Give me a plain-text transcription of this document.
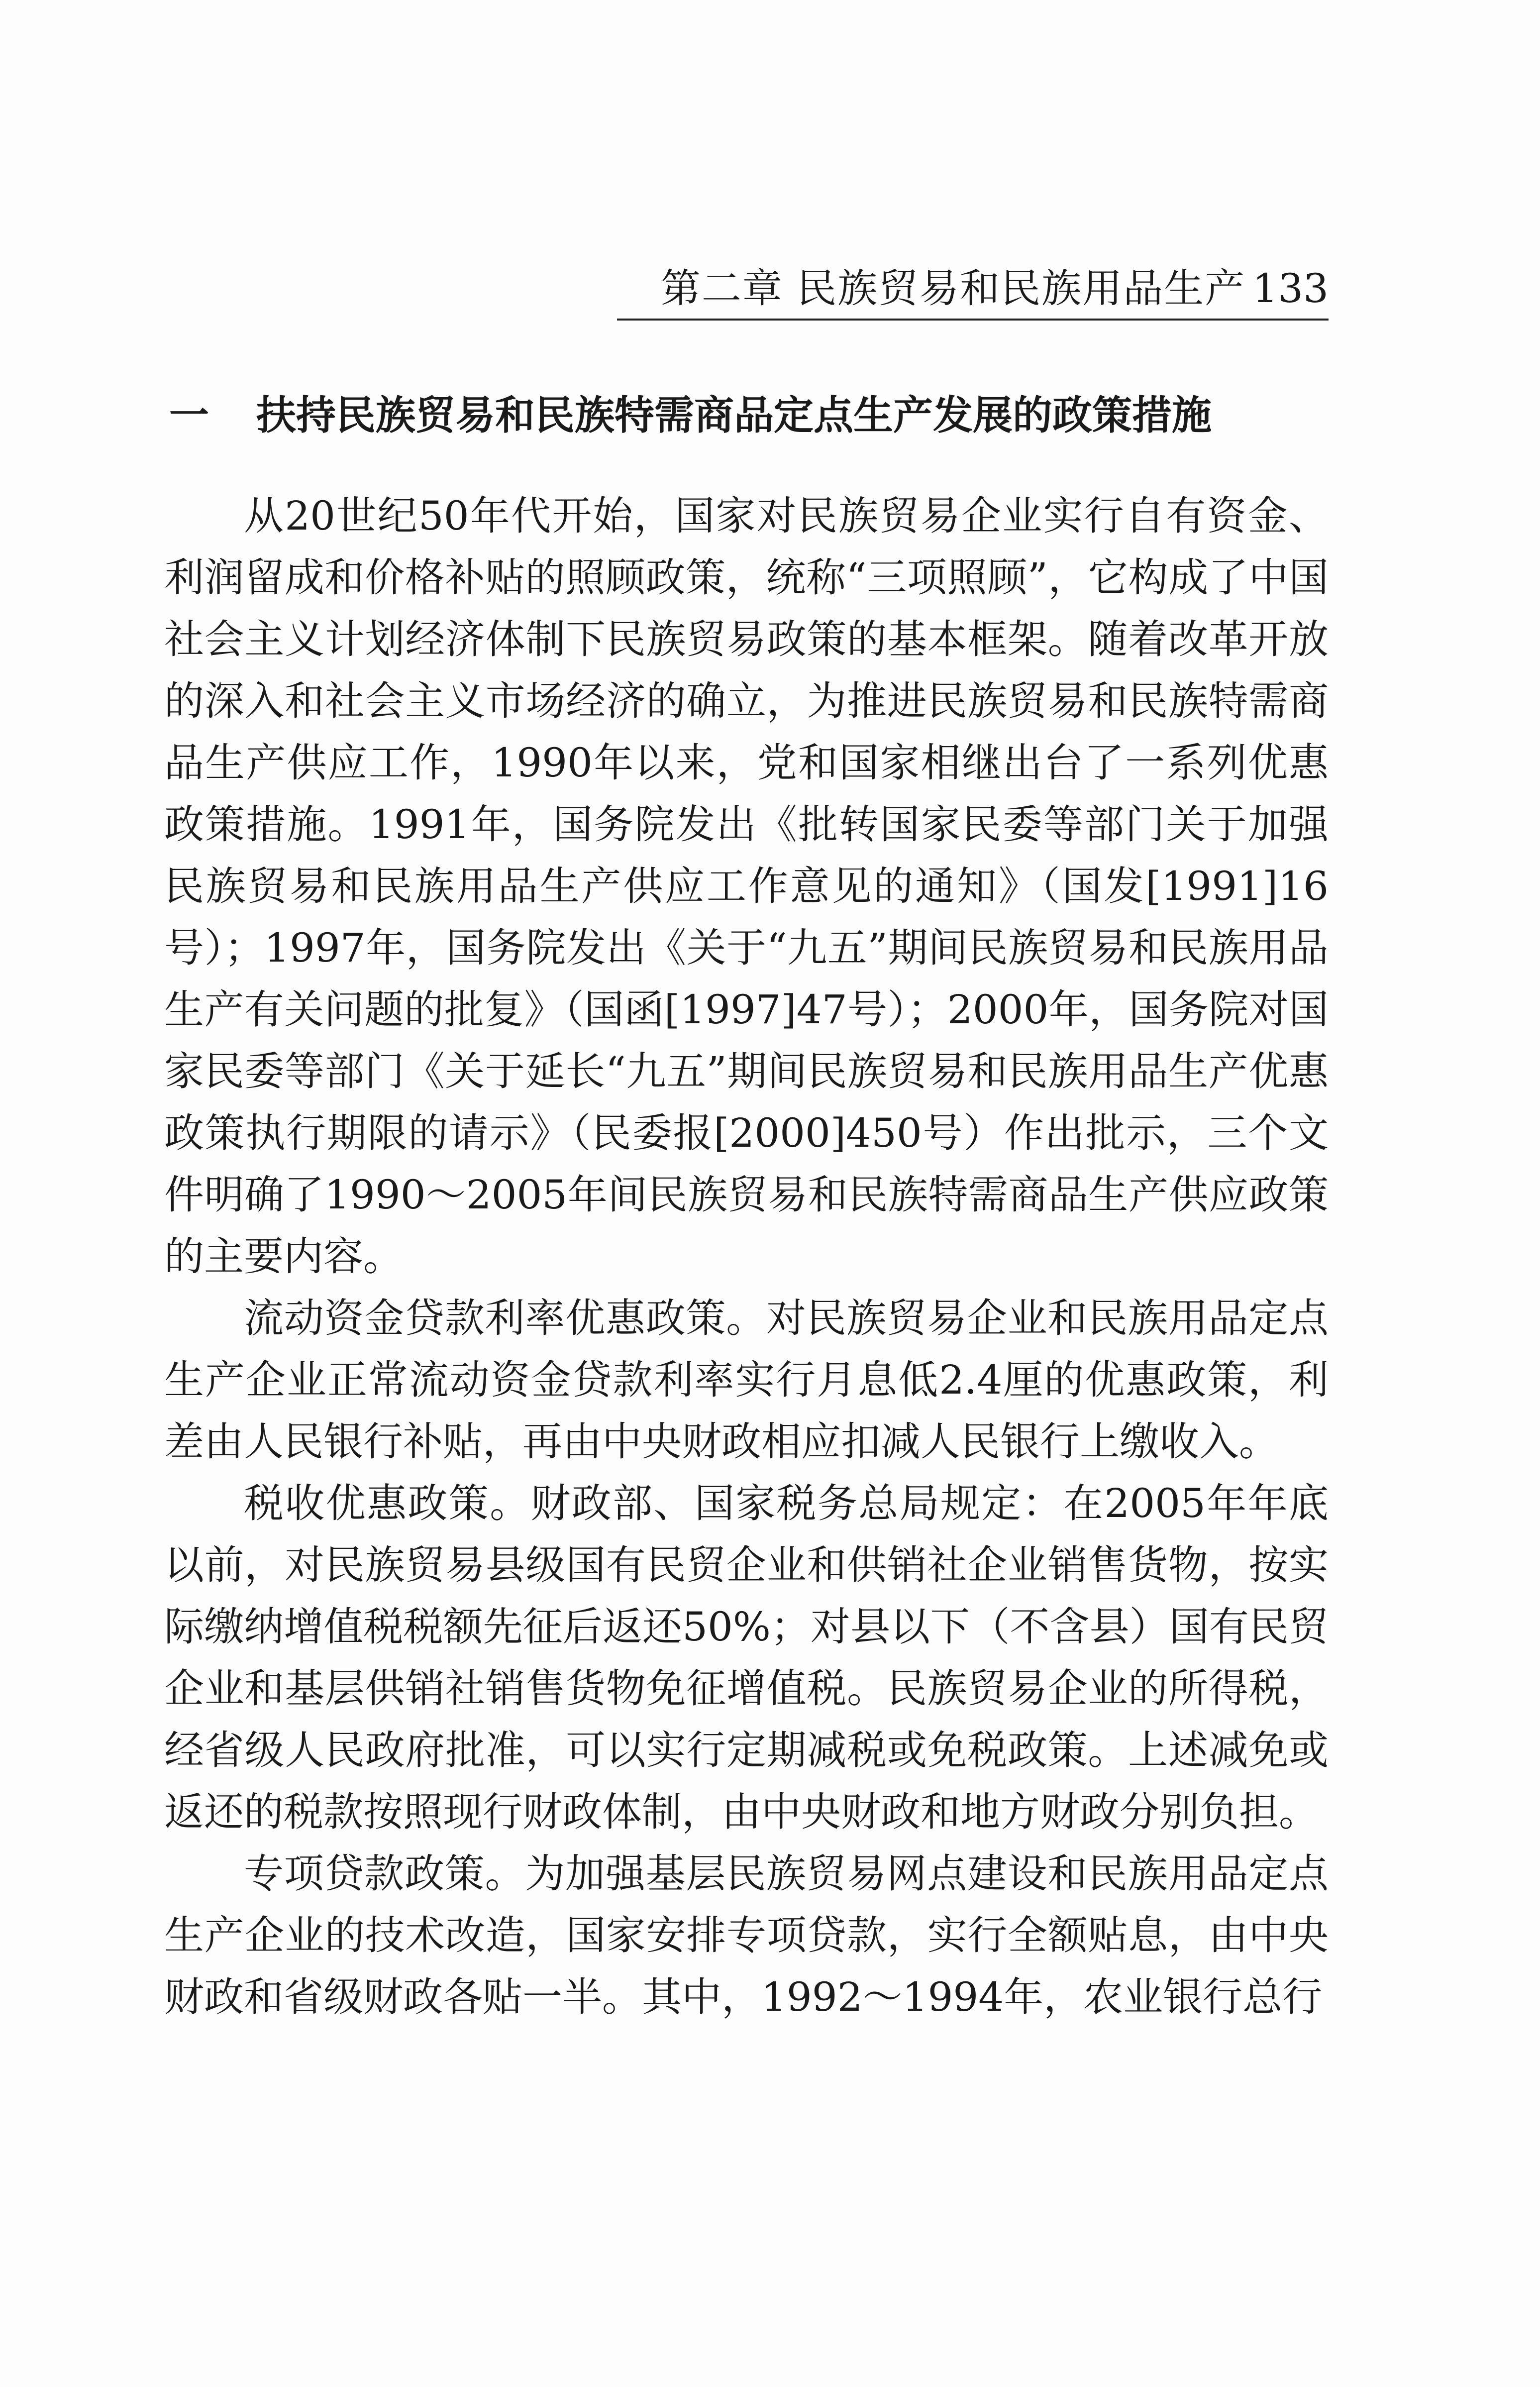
第二章 民族贸易和民族用品生产 133
一 扶持民族贸易和民族特需商品定点生产发展的政策措施

从20世纪50年代开始，国家对民族贸易企业实行自有资金、利润留成和价格补贴的照顾政策，统称“三项照顾”，它构成了中国社会主义计划经济体制下民族贸易政策的基本框架。随着改革开放的深入和社会主义市场经济的确立，为推进民族贸易和民族特需商品生产供应工作，1990年以来，党和国家相继出台了一系列优惠政策措施。1991年，国务院发出《批转国家民委等部门关于加强民族贸易和民族用品生产供应工作意见的通知》（国发[1991]16号）；1997年，国务院发出《关于“九五”期间民族贸易和民族用品生产有关问题的批复》（国函[1997]47号）；2000年，国务院对国家民委等部门《关于延长“九五”期间民族贸易和民族用品生产优惠政策执行期限的请示》（民委报[2000]450号）作出批示，三个文件明确了1990～2005年间民族贸易和民族特需商品生产供应政策的主要内容。

流动资金贷款利率优惠政策。对民族贸易企业和民族用品定点生产企业正常流动资金贷款利率实行月息低2.4厘的优惠政策，利差由人民银行补贴，再由中央财政相应扣减人民银行上缴收入。

税收优惠政策。财政部、国家税务总局规定：在2005年年底以前，对民族贸易县级国有民贸企业和供销社企业销售货物，按实际缴纳增值税税额先征后返还50%；对县以下（不含县）国有民贸企业和基层供销社销售货物免征增值税。民族贸易企业的所得税，经省级人民政府批准，可以实行定期减税或免税政策。上述减免或返还的税款按照现行财政体制，由中央财政和地方财政分别负担。

专项贷款政策。为加强基层民族贸易网点建设和民族用品定点生产企业的技术改造，国家安排专项贷款，实行全额贴息，由中央财政和省级财政各贴一半。其中，1992～1994年，农业银行总行
